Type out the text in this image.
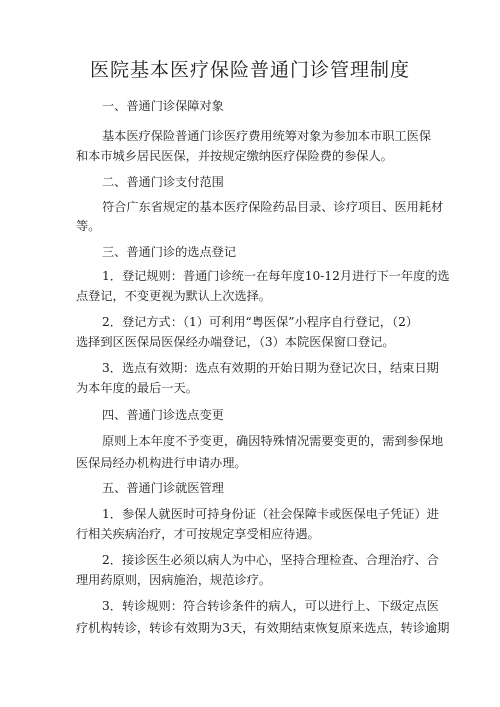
医院基本医疗保险普通门诊管理制度

一、普通门诊保障对象

基本医疗保险普通门诊医疗费用统筹对象为参加本市职工医保

和本市城乡居民医保，并按规定缴纳医疗保险费的参保人。

二、普通门诊支付范围

符合广东省规定的基本医疗保险药品目录、诊疗项目、医用耗材

等。

三、普通门诊的选点登记

1．登记规则：普通门诊统一在每年度10-12月进行下一年度的选

点登记，不变更视为默认上次选择。

2．登记方式：（1）可利用“粤医保”小程序自行登记，（2）

选择到区医保局医保经办端登记，（3）本院医保窗口登记。

3．选点有效期：选点有效期的开始日期为登记次日，结束日期

为本年度的最后一天。

四、普通门诊选点变更

原则上本年度不予变更，确因特殊情况需要变更的，需到参保地

医保局经办机构进行申请办理。

五、普通门诊就医管理

1．参保人就医时可持身份证（社会保障卡或医保电子凭证）进

行相关疾病治疗，才可按规定享受相应待遇。

2．接诊医生必须以病人为中心，坚持合理检查、合理治疗、合

理用药原则，因病施治，规范诊疗。

3．转诊规则：符合转诊条件的病人，可以进行上、下级定点医

疗机构转诊，转诊有效期为3天，有效期结束恢复原来选点，转诊逾期
